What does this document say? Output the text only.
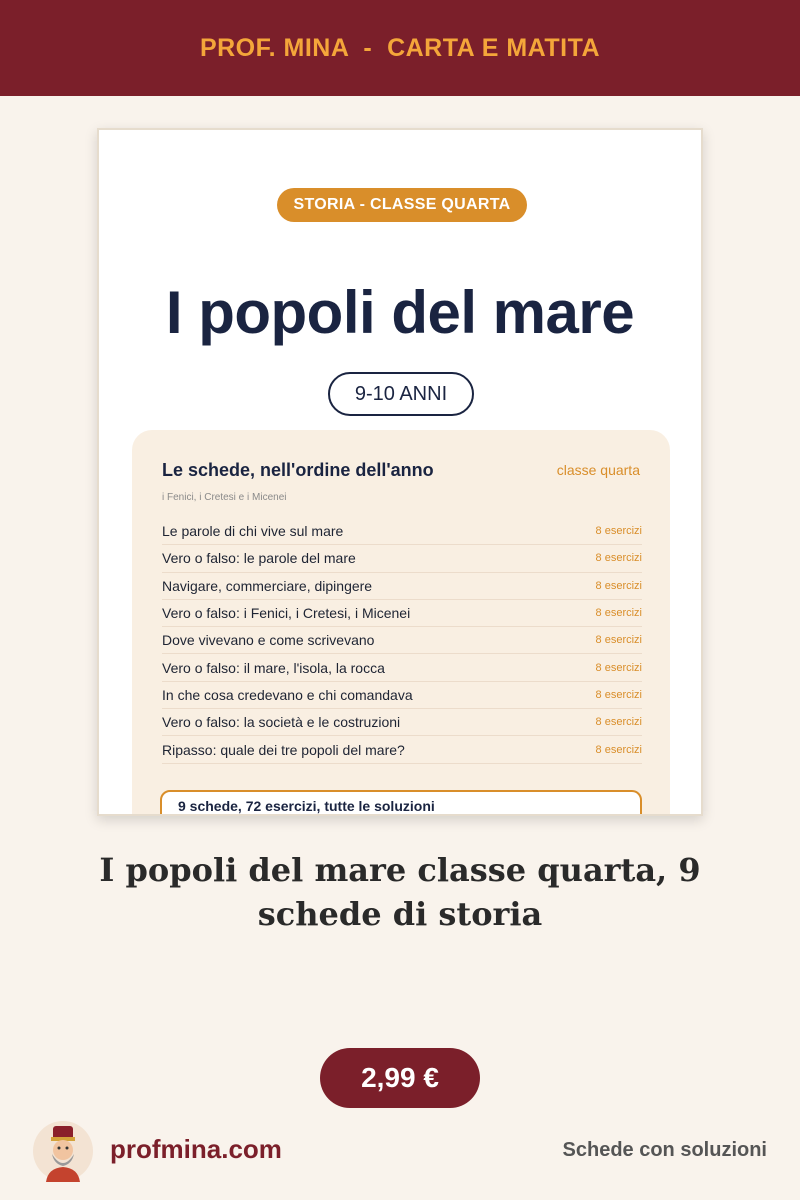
PROF. MINA  -  CARTA E MATITA
STORIA - CLASSE QUARTA
I popoli del mare
9-10 ANNI
Le schede, nell'ordine dell'anno	classe quarta
i Fenici, i Cretesi e i Micenei
Le parole di chi vive sul mare	8 esercizi
Vero o falso: le parole del mare	8 esercizi
Navigare, commerciare, dipingere	8 esercizi
Vero o falso: i Fenici, i Cretesi, i Micenei	8 esercizi
Dove vivevano e come scrivevano	8 esercizi
Vero o falso: il mare, l'isola, la rocca	8 esercizi
In che cosa credevano e chi comandava	8 esercizi
Vero o falso: la società e le costruzioni	8 esercizi
Ripasso: quale dei tre popoli del mare?	8 esercizi
9 schede, 72 esercizi, tutte le soluzioni
I popoli del mare classe quarta, 9 schede di storia
2,99 €
profmina.com	Schede con soluzioni
